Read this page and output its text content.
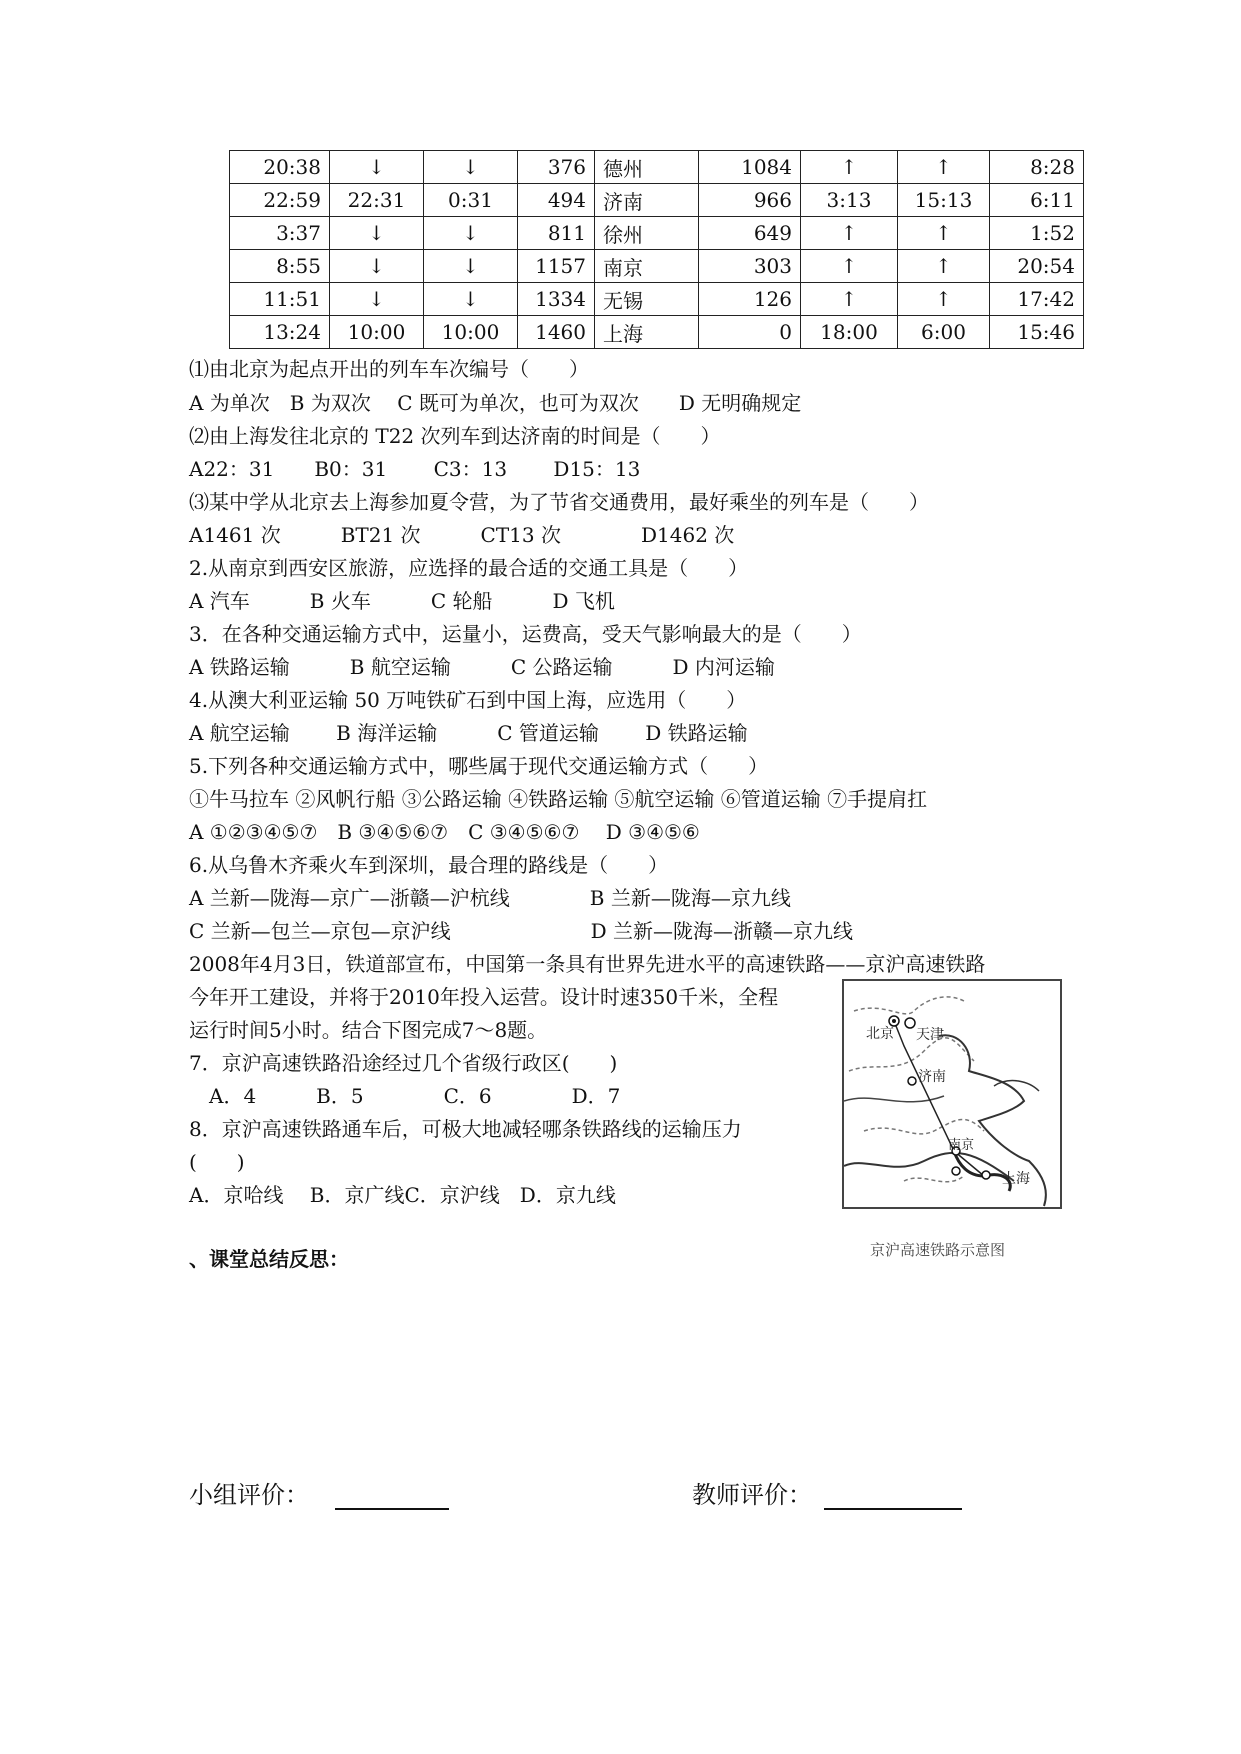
20:38	↓	↓	376	德州	1084	↑	↑	8:28
22:59	22:31	0:31	494	济南	966	3:13	15:13	6:11
3:37	↓	↓	811	徐州	649	↑	↑	1:52
8:55	↓	↓	1157	南京	303	↑	↑	20:54
11:51	↓	↓	1334	无锡	126	↑	↑	17:42
13:24	10:00	10:00	1460	上海	0	18:00	6:00	15:46
⑴由北京为起点开出的列车车次编号（　　）
A 为单次　B 为双次　 C 既可为单次，也可为双次　　D 无明确规定
⑵由上海发往北京的 T22 次列车到达济南的时间是（　　）
A22：31　　B0：31　　 C3：13　　 D15：13
⑶某中学从北京去上海参加夏令营，为了节省交通费用，最好乘坐的列车是（　　）
A1461 次　　　BT21 次　　　CT13 次　　　　D1462 次
2.从南京到西安区旅游，应选择的最合适的交通工具是（　　）
A 汽车　　　B 火车　　　C 轮船　　　D 飞机
3．在各种交通运输方式中，运量小，运费高，受天气影响最大的是（　　）
A 铁路运输　　　B 航空运输　　　C 公路运输　　　D 内河运输
4.从澳大利亚运输 50 万吨铁矿石到中国上海，应选用（　　）
A 航空运输　　 B 海洋运输　　　C 管道运输　　 D 铁路运输
5.下列各种交通运输方式中，哪些属于现代交通运输方式（　　）
①牛马拉车 ②风帆行船 ③公路运输 ④铁路运输 ⑤航空运输 ⑥管道运输 ⑦手提肩扛
A ①②③④⑤⑦　B ③④⑤⑥⑦　C ③④⑤⑥⑦　 D ③④⑤⑥
6.从乌鲁木齐乘火车到深圳，最合理的路线是（　　）
A 兰新—陇海—京广—浙赣—沪杭线　　　　B 兰新—陇海—京九线
C 兰新—包兰—京包—京沪线　　　　　　　D 兰新—陇海—浙赣—京九线
2008年4月3日，铁道部宣布，中国第一条具有世界先进水平的高速铁路——京沪高速铁路
今年开工建设，并将于2010年投入运营。设计时速350千米，全程
运行时间5小时。结合下图完成7～8题。
7．京沪高速铁路沿途经过几个省级行政区(　　)
　A．4　　　B．5　　　　C．6　　　　D．7
8．京沪高速铁路通车后，可极大地减轻哪条铁路线的运输压力
(　　)
A．京哈线　 B．京广线C．京沪线　D．京九线
、课堂总结反思：
北京 天津
济南
南京
上海
京沪高速铁路示意图
小组评价：	教师评价：
